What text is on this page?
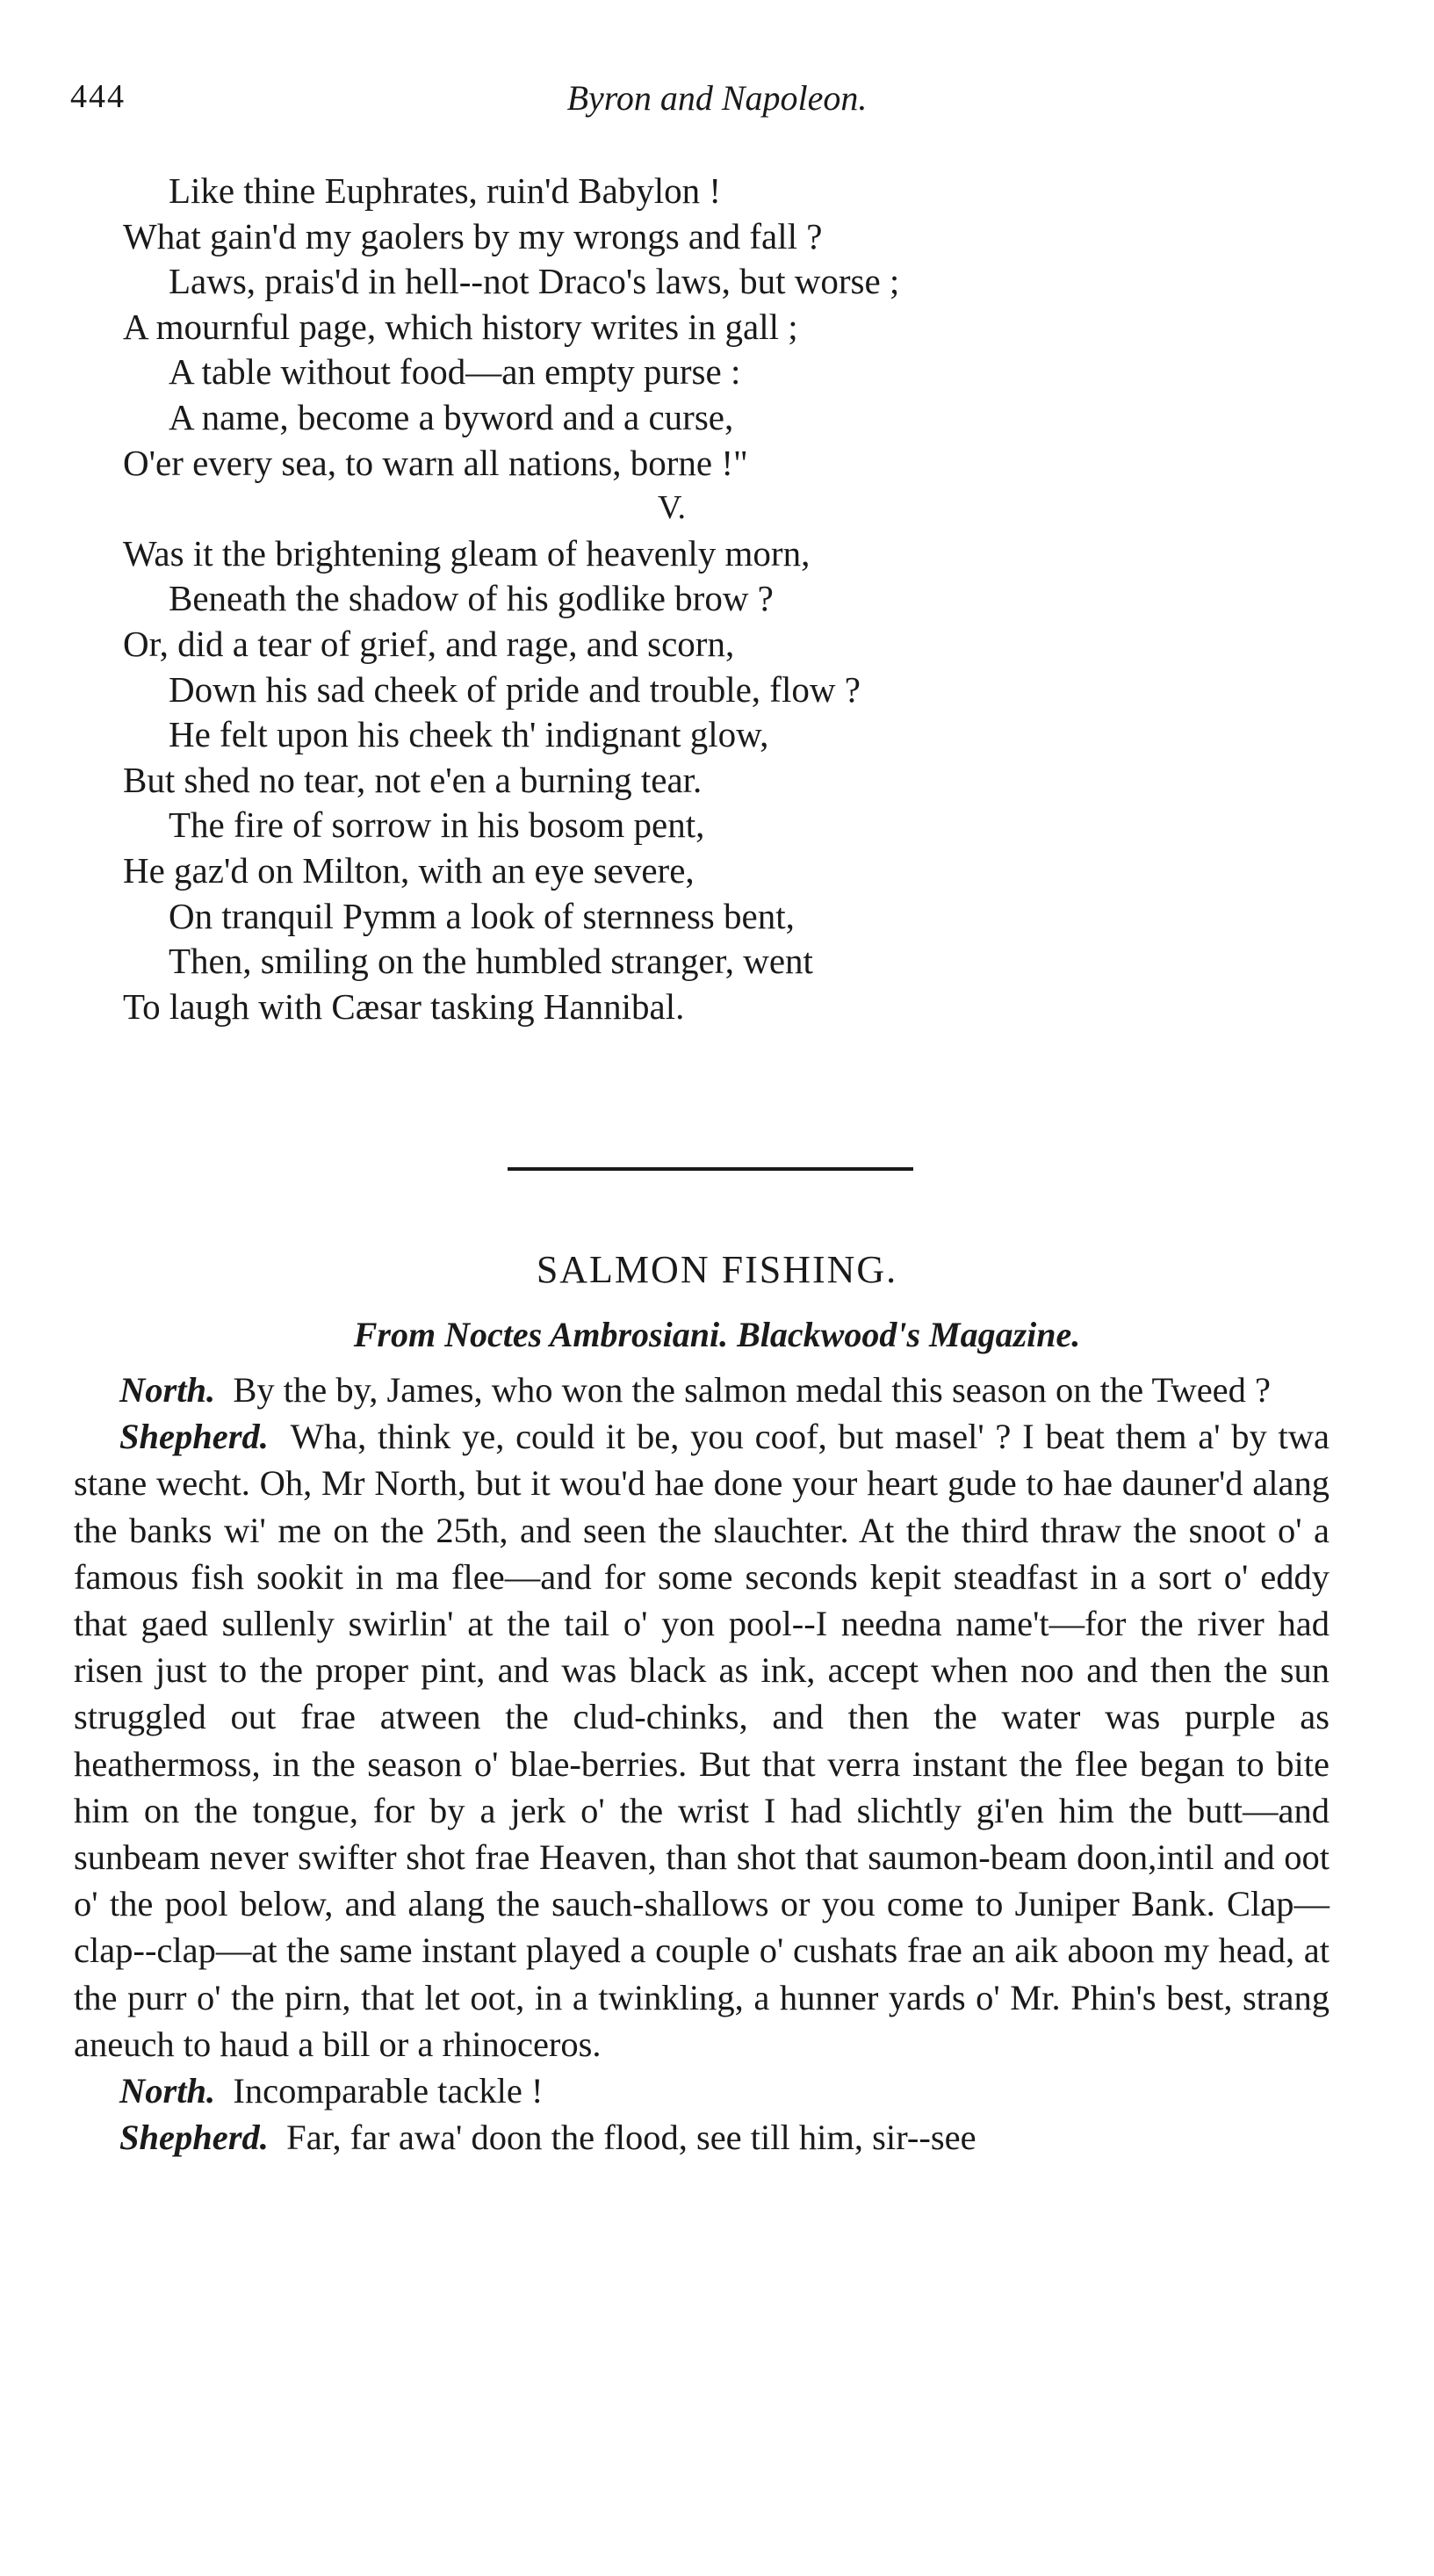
444	Byron and Napoleon.
Like thine Euphrates, ruin'd Babylon !
What gain'd my gaolers by my wrongs and fall ?
Laws, prais'd in hell--not Draco's laws, but worse ;
A mournful page, which history writes in gall ;
A table without food—an empty purse :
A name, become a byword and a curse,
O'er every sea, to warn all nations, borne !"
V.
Was it the brightening gleam of heavenly morn,
Beneath the shadow of his godlike brow ?
Or, did a tear of grief, and rage, and scorn,
Down his sad cheek of pride and trouble, flow ?
He felt upon his cheek th' indignant glow,
But shed no tear, not e'en a burning tear.
The fire of sorrow in his bosom pent,
He gaz'd on Milton, with an eye severe,
On tranquil Pymm a look of sternness bent,
Then, smiling on the humbled stranger, went
To laugh with Cæsar tasking Hannibal.
SALMON FISHING.
From Noctes Ambrosiani. Blackwood's Magazine.

North. By the by, James, who won the salmon medal this season on the Tweed ?

Shepherd. Wha, think ye, could it be, you coof, but masel' ? I beat them a' by twa stane wecht. Oh, Mr North, but it wou'd hae done your heart gude to hae dauner'd alang the banks wi' me on the 25th, and seen the slauchter. At the third thraw the snoot o' a famous fish sookit in ma flee—and for some seconds kepit steadfast in a sort o' eddy that gaed sullenly swirlin' at the tail o' yon pool--I needna name't—for the river had risen just to the proper pint, and was black as ink, accept when noo and then the sun struggled out frae atween the clud-chinks, and then the water was purple as heathermoss, in the season o' blae-berries. But that verra instant the flee began to bite him on the tongue, for by a jerk o' the wrist I had slichtly gi'en him the butt—and sunbeam never swifter shot frae Heaven, than shot that saumon-beam doon,intil and oot o' the pool below, and alang the sauch-shallows or you come to Juniper Bank. Clap—clap--clap—at the same instant played a couple o' cushats frae an aik aboon my head, at the purr o' the pirn, that let oot, in a twinkling, a hunner yards o' Mr. Phin's best, strang aneuch to haud a bill or a rhinoceros.

North. Incomparable tackle !

Shepherd. Far, far awa' doon the flood, see till him, sir--see
